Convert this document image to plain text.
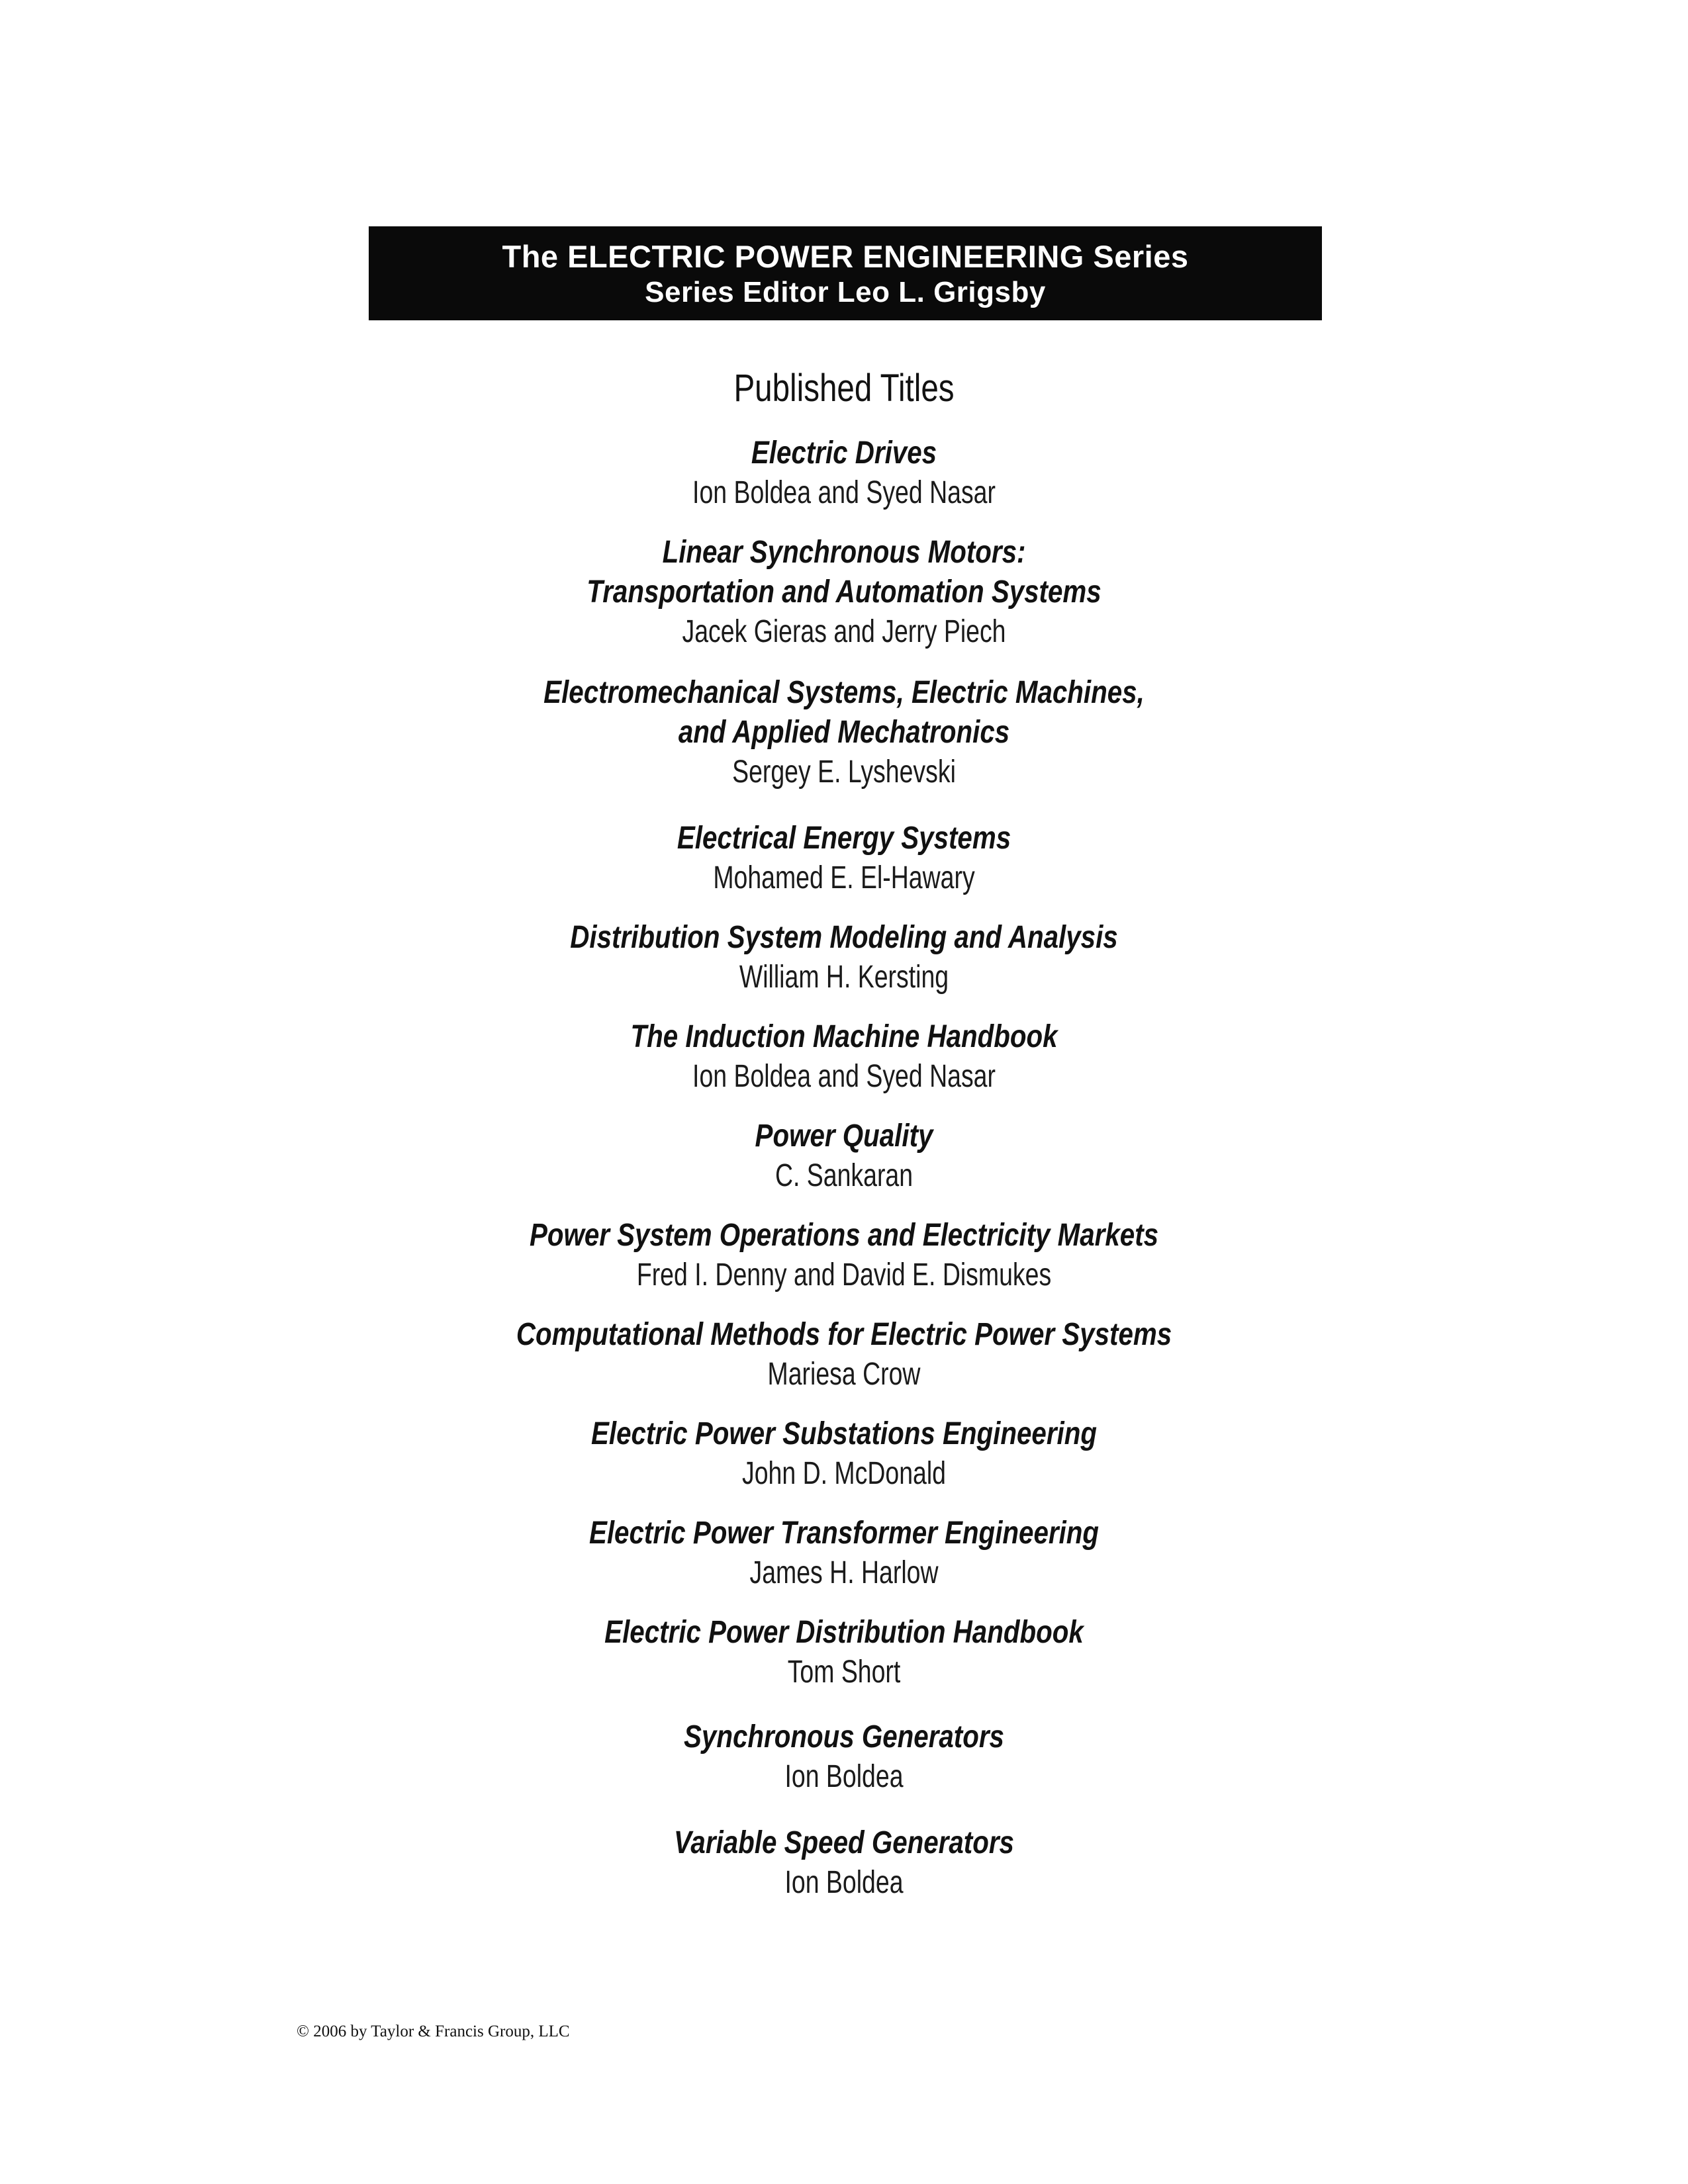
The ELECTRIC POWER ENGINEERING Series
Series Editor Leo L. Grigsby
Published Titles
Electric Drives
Ion Boldea and Syed Nasar
Linear Synchronous Motors:
Transportation and Automation Systems
Jacek Gieras and Jerry Piech
Electromechanical Systems, Electric Machines,
and Applied Mechatronics
Sergey E. Lyshevski
Electrical Energy Systems
Mohamed E. El-Hawary
Distribution System Modeling and Analysis
William H. Kersting
The Induction Machine Handbook
Ion Boldea and Syed Nasar
Power Quality
C. Sankaran
Power System Operations and Electricity Markets
Fred I. Denny and David E. Dismukes
Computational Methods for Electric Power Systems
Mariesa Crow
Electric Power Substations Engineering
John D. McDonald
Electric Power Transformer Engineering
James H. Harlow
Electric Power Distribution Handbook
Tom Short
Synchronous Generators
Ion Boldea
Variable Speed Generators
Ion Boldea
© 2006 by Taylor & Francis Group, LLC
